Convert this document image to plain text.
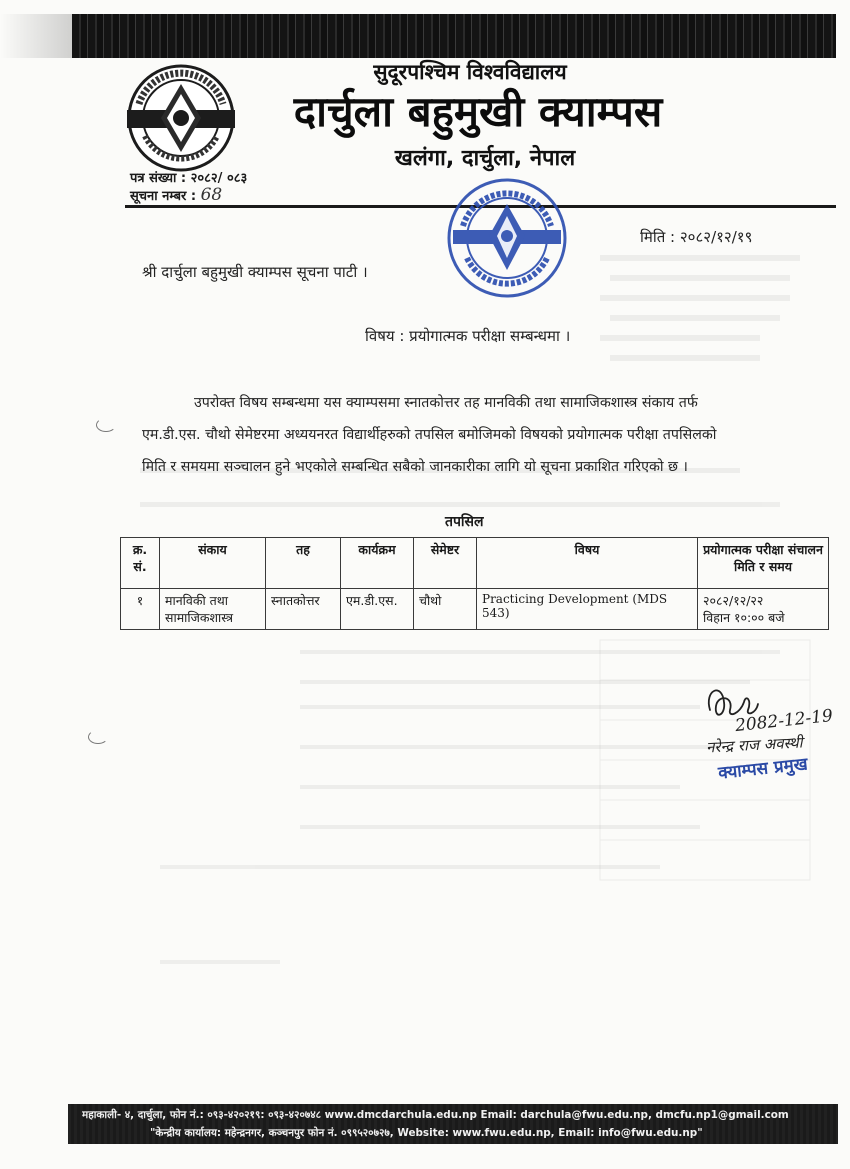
सुदूरपश्चिम विश्वविद्यालय
दार्चुला बहुमुखी क्याम्पस
खलंगा, दार्चुला, नेपाल
पत्र संख्या : २०८२/ ०८३
सूचना नम्बर : 68
मिति : २०८२/१२/१९
श्री दार्चुला बहुमुखी क्याम्पस सूचना पाटी ।
विषय : प्रयोगात्मक परीक्षा सम्बन्धमा ।
उपरोक्त विषय सम्बन्धमा यस क्याम्पसमा स्नातकोत्तर तह मानविकी तथा सामाजिकशास्त्र संकाय तर्फ
एम.डी.एस. चौथो सेमेष्टरमा अध्ययनरत विद्यार्थीहरुको तपसिल बमोजिमको विषयको प्रयोगात्मक परीक्षा तपसिलको
मिति र समयमा सञ्चालन हुने भएकोले सम्बन्धित सबैको जानकारीका लागि यो सूचना प्रकाशित गरिएको छ ।
तपसिल
क्र. सं.	संकाय	तह	कार्यक्रम	सेमेष्टर	विषय	प्रयोगात्मक परीक्षा संचालन मिति र समय
१	मानविकी तथा सामाजिकशास्त्र	स्नातकोत्तर	एम.डी.एस.	चौथो	Practicing Development (MDS 543)	२०८२/१२/२२
विहान १०:०० बजे
2082-12-19
नरेन्द्र राज अवस्थी
क्याम्पस प्रमुख
महाकाली- ४, दार्चुला, फोन नं.: ०९३-४२०२१९: ०९३-४२०७४८ www.dmcdarchula.edu.np Email: darchula@fwu.edu.np, dmcfu.np1@gmail.com
"केन्द्रीय कार्यालय: महेन्द्रनगर, कञ्चनपुर फोन नं. ०९९५२०७२७, Website: www.fwu.edu.np, Email: info@fwu.edu.np"
